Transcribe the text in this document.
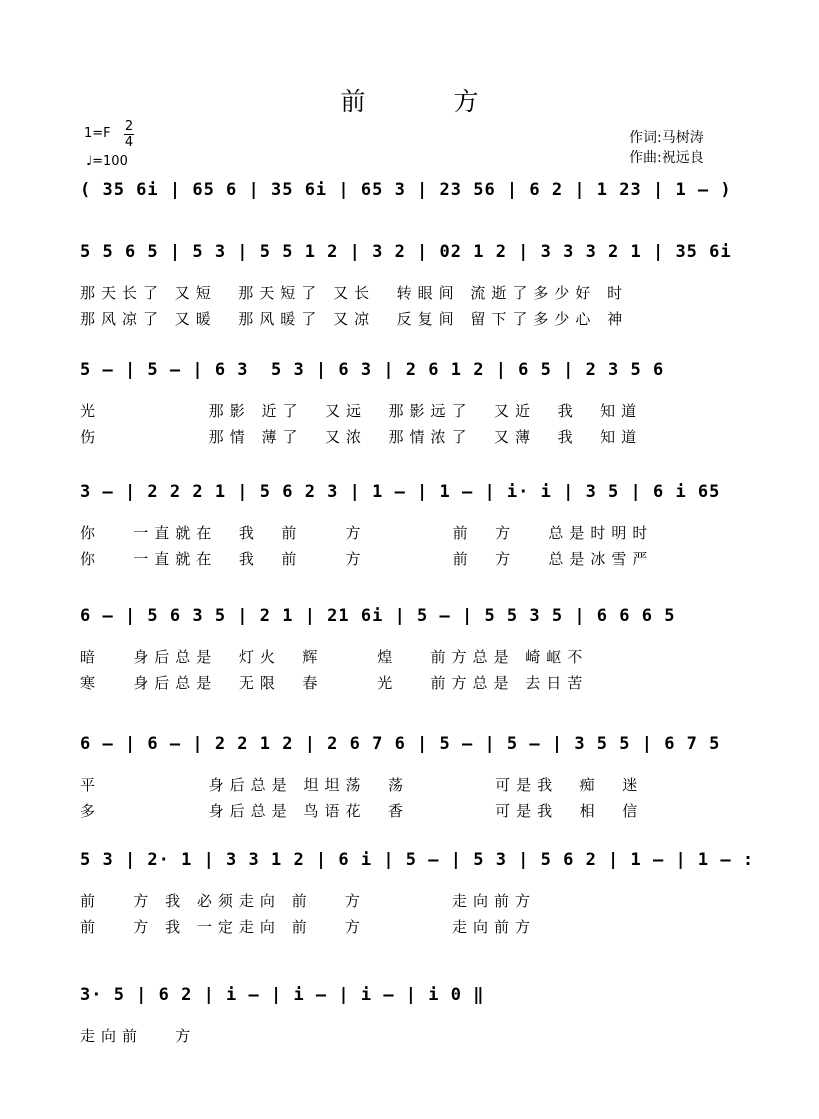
前 方
1=F 2
4
♩=100
作词:马树涛
作曲:祝远良
( 35 6i | 65 6 | 35 6i | 65 3 | 23 56 | 6 2 | 1 23 | 1 – )
5 5 6 5 | 5 3 | 5 5 1 2 | 3 2 | 02 1 2 | 3 3 3 2 1 | 35 6i
那天长了 又短  那天短了 又长  转眼间 流逝了多少好 时
那风凉了 又暖  那风暖了 又凉  反复间 留下了多少心 神
5 – | 5 – | 6 3  5 3 | 6 3 | 2 6 1 2 | 6 5 | 2 3 5 6
光          那影 近了  又远  那影远了  又近  我  知道
伤          那情 薄了  又浓  那情浓了  又薄  我  知道
3 – | 2 2 2 1 | 5 6 2 3 | 1 – | 1 – | i· i | 3 5 | 6 i 65
你   一直就在  我  前    方        前  方   总是时明时
你   一直就在  我  前    方        前  方   总是冰雪严
6 – | 5 6 3 5 | 2 1 | 21 6i | 5 – | 5 5 3 5 | 6 6 6 5
暗   身后总是  灯火  辉     煌   前方总是 崎岖不
寒   身后总是  无限  春     光   前方总是 去日苦
6 – | 6 – | 2 2 1 2 | 2 6 7 6 | 5 – | 5 – | 3 5 5 | 6 7 5
平          身后总是 坦坦荡  荡        可是我  痴  迷
多          身后总是 鸟语花  香        可是我  相  信
5 3 | 2· 1 | 3 3 1 2 | 6 i | 5 – | 5 3 | 5 6 2 | 1 – | 1 – :
前   方 我 必须走向 前   方        走向前方
前   方 我 一定走向 前   方        走向前方
3· 5 | 6 2 | i – | i – | i – | i 0 ‖
走向前   方
